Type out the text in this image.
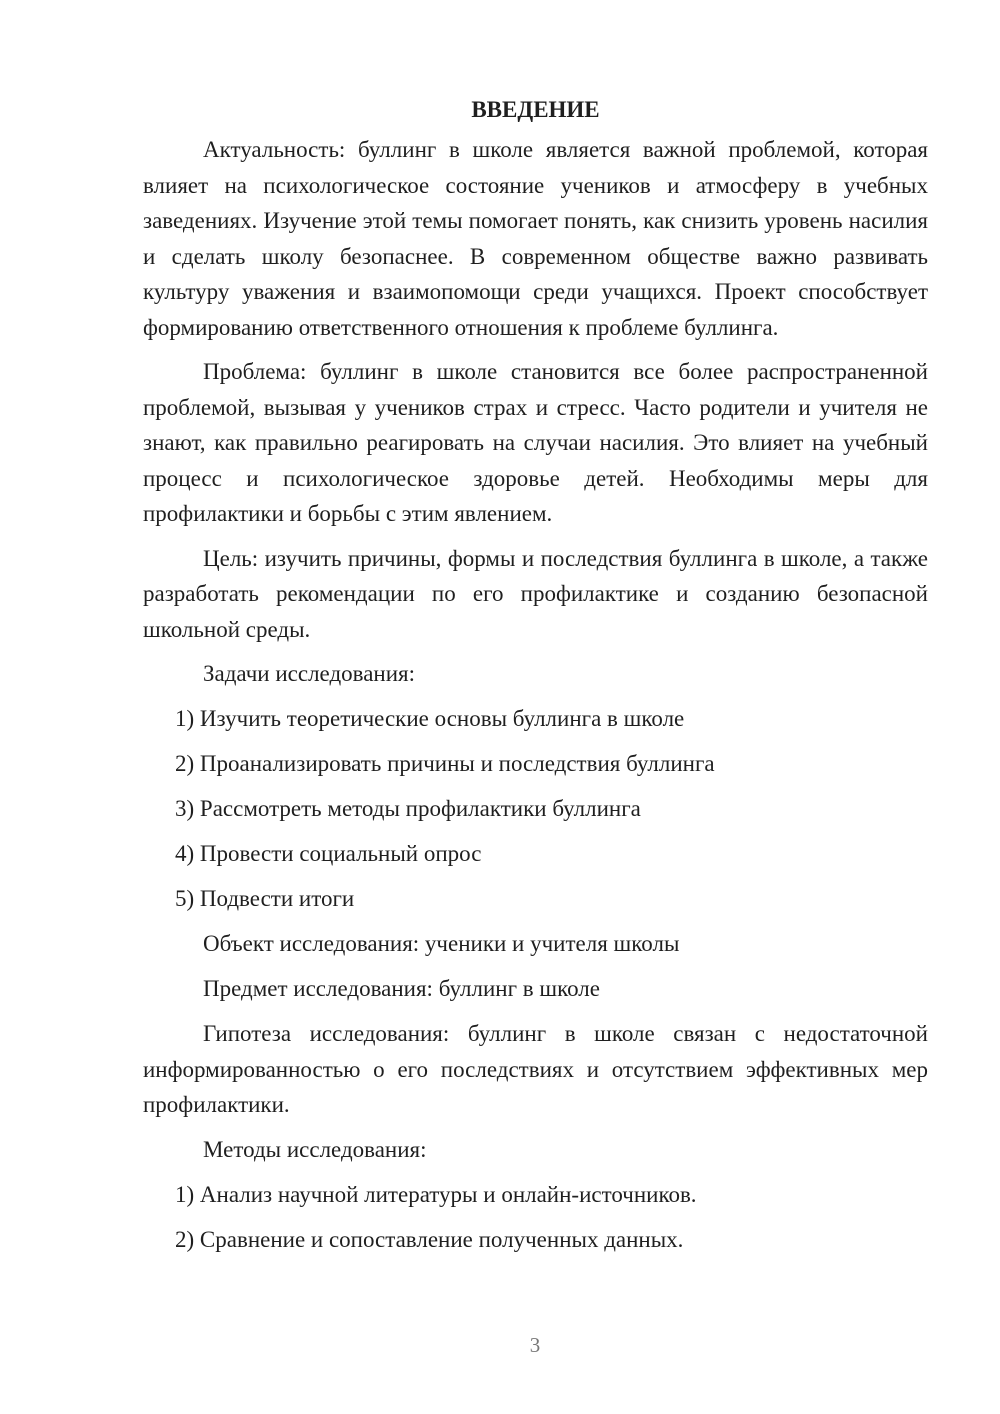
ВВЕДЕНИЕ

Актуальность: буллинг в школе является важной проблемой, которая влияет на психологическое состояние учеников и атмосферу в учебных заведениях. Изучение этой темы помогает понять, как снизить уровень насилия и сделать школу безопаснее. В современном обществе важно развивать культуру уважения и взаимопомощи среди учащихся. Проект способствует формированию ответственного отношения к проблеме буллинга.

Проблема: буллинг в школе становится все более распространенной проблемой, вызывая у учеников страх и стресс. Часто родители и учителя не знают, как правильно реагировать на случаи насилия. Это влияет на учебный процесс и психологическое здоровье детей. Необходимы меры для профилактики и борьбы с этим явлением.

Цель: изучить причины, формы и последствия буллинга в школе, а также разработать рекомендации по его профилактике и созданию безопасной школьной среды.

Задачи исследования:

1) Изучить теоретические основы буллинга в школе

2) Проанализировать причины и последствия буллинга

3) Рассмотреть методы профилактики буллинга

4) Провести социальный опрос

5) Подвести итоги

Объект исследования: ученики и учителя школы

Предмет исследования: буллинг в школе

Гипотеза исследования: буллинг в школе связан с недостаточной информированностью о его последствиях и отсутствием эффективных мер профилактики.

Методы исследования:

1) Анализ научной литературы и онлайн-источников.

2) Сравнение и сопоставление полученных данных.

3
